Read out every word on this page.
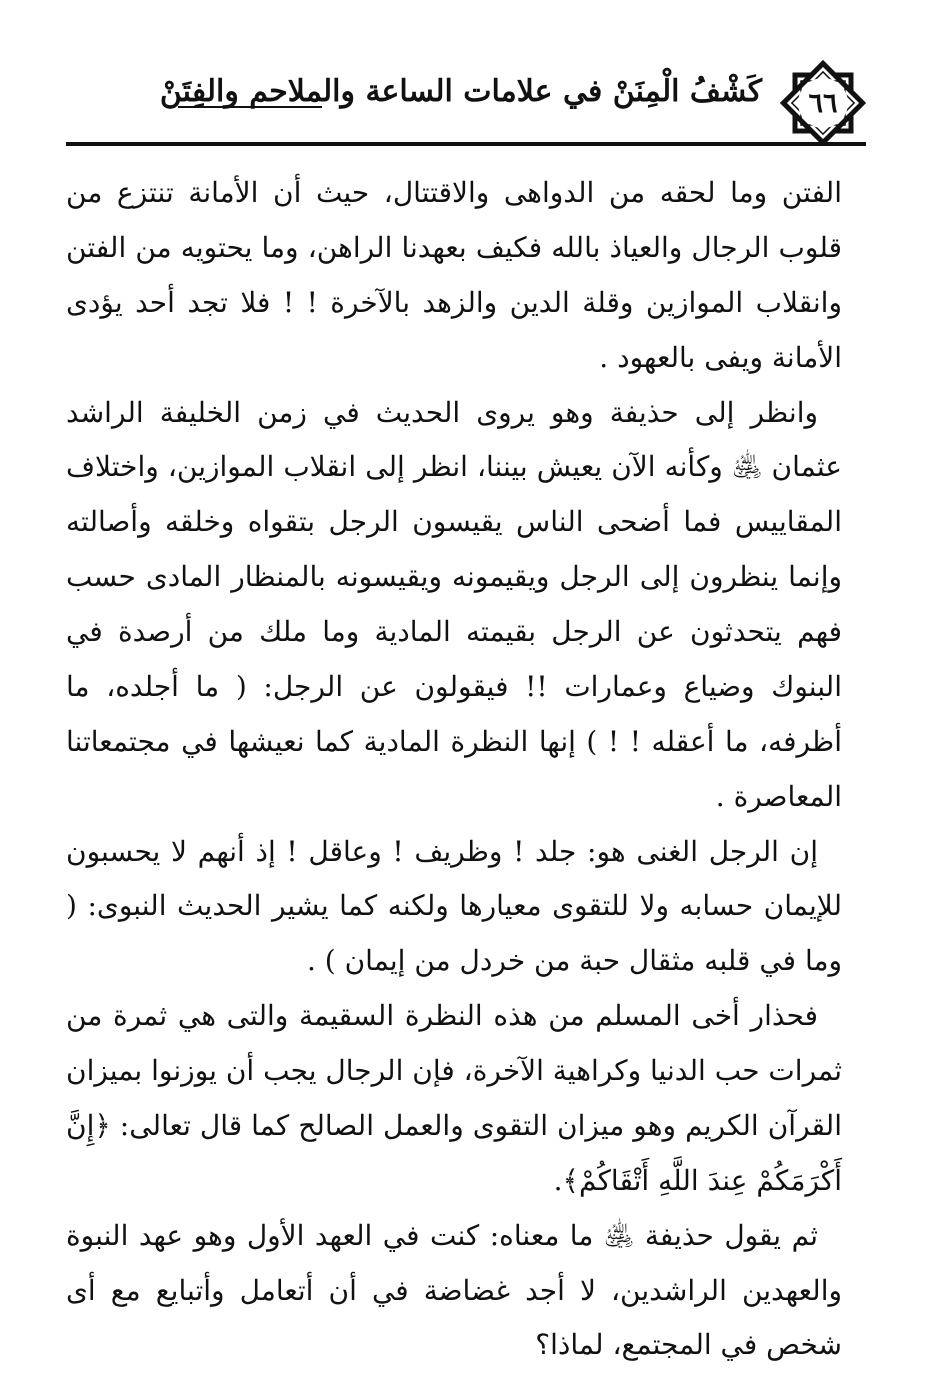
٦٦
كَشْفُ الْمِنَنْ في علامات الساعة والملاحم والفِتَنْ

الفتن وما لحقه من الدواهى والاقتتال، حيث أن الأمانة تنتزع من قلوب الرجال والعياذ بالله فكيف بعهدنا الراهن، وما يحتويه من الفتن وانقلاب الموازين وقلة الدين والزهد بالآخرة ! ! فلا تجد أحد يؤدى الأمانة ويفى بالعهود .

وانظر إلى حذيفة وهو يروى الحديث في زمن الخليفة الراشد عثمان ﵁ وكأنه الآن يعيش بيننا، انظر إلى انقلاب الموازين، واختلاف المقاييس فما أضحى الناس يقيسون الرجل بتقواه وخلقه وأصالته وإنما ينظرون إلى الرجل ويقيمونه ويقيسونه بالمنظار المادى حسب فهم يتحدثون عن الرجل بقيمته المادية وما ملك من أرصدة في البنوك وضياع وعمارات !! فيقولون عن الرجل: ( ما أجلده، ما أظرفه، ما أعقله ! ! ) إنها النظرة المادية كما نعيشها في مجتمعاتنا المعاصرة .

إن الرجل الغنى هو: جلد ! وظريف ! وعاقل ! إذ أنهم لا يحسبون للإيمان حسابه ولا للتقوى معيارها ولكنه كما يشير الحديث النبوى: ( وما في قلبه مثقال حبة من خردل من إيمان ) .

فحذار أخى المسلم من هذه النظرة السقيمة والتى هي ثمرة من ثمرات حب الدنيا وكراهية الآخرة، فإن الرجال يجب أن يوزنوا بميزان القرآن الكريم وهو ميزان التقوى والعمل الصالح كما قال تعالى: ﴿إِنَّ أَكْرَمَكُمْ عِندَ اللَّهِ أَتْقَاكُمْ﴾.

ثم يقول حذيفة ﵁ ما معناه: كنت في العهد الأول وهو عهد النبوة والعهدين الراشدين، لا أجد غضاضة في أن أتعامل وأتبايع مع أى شخص في المجتمع، لماذا؟
